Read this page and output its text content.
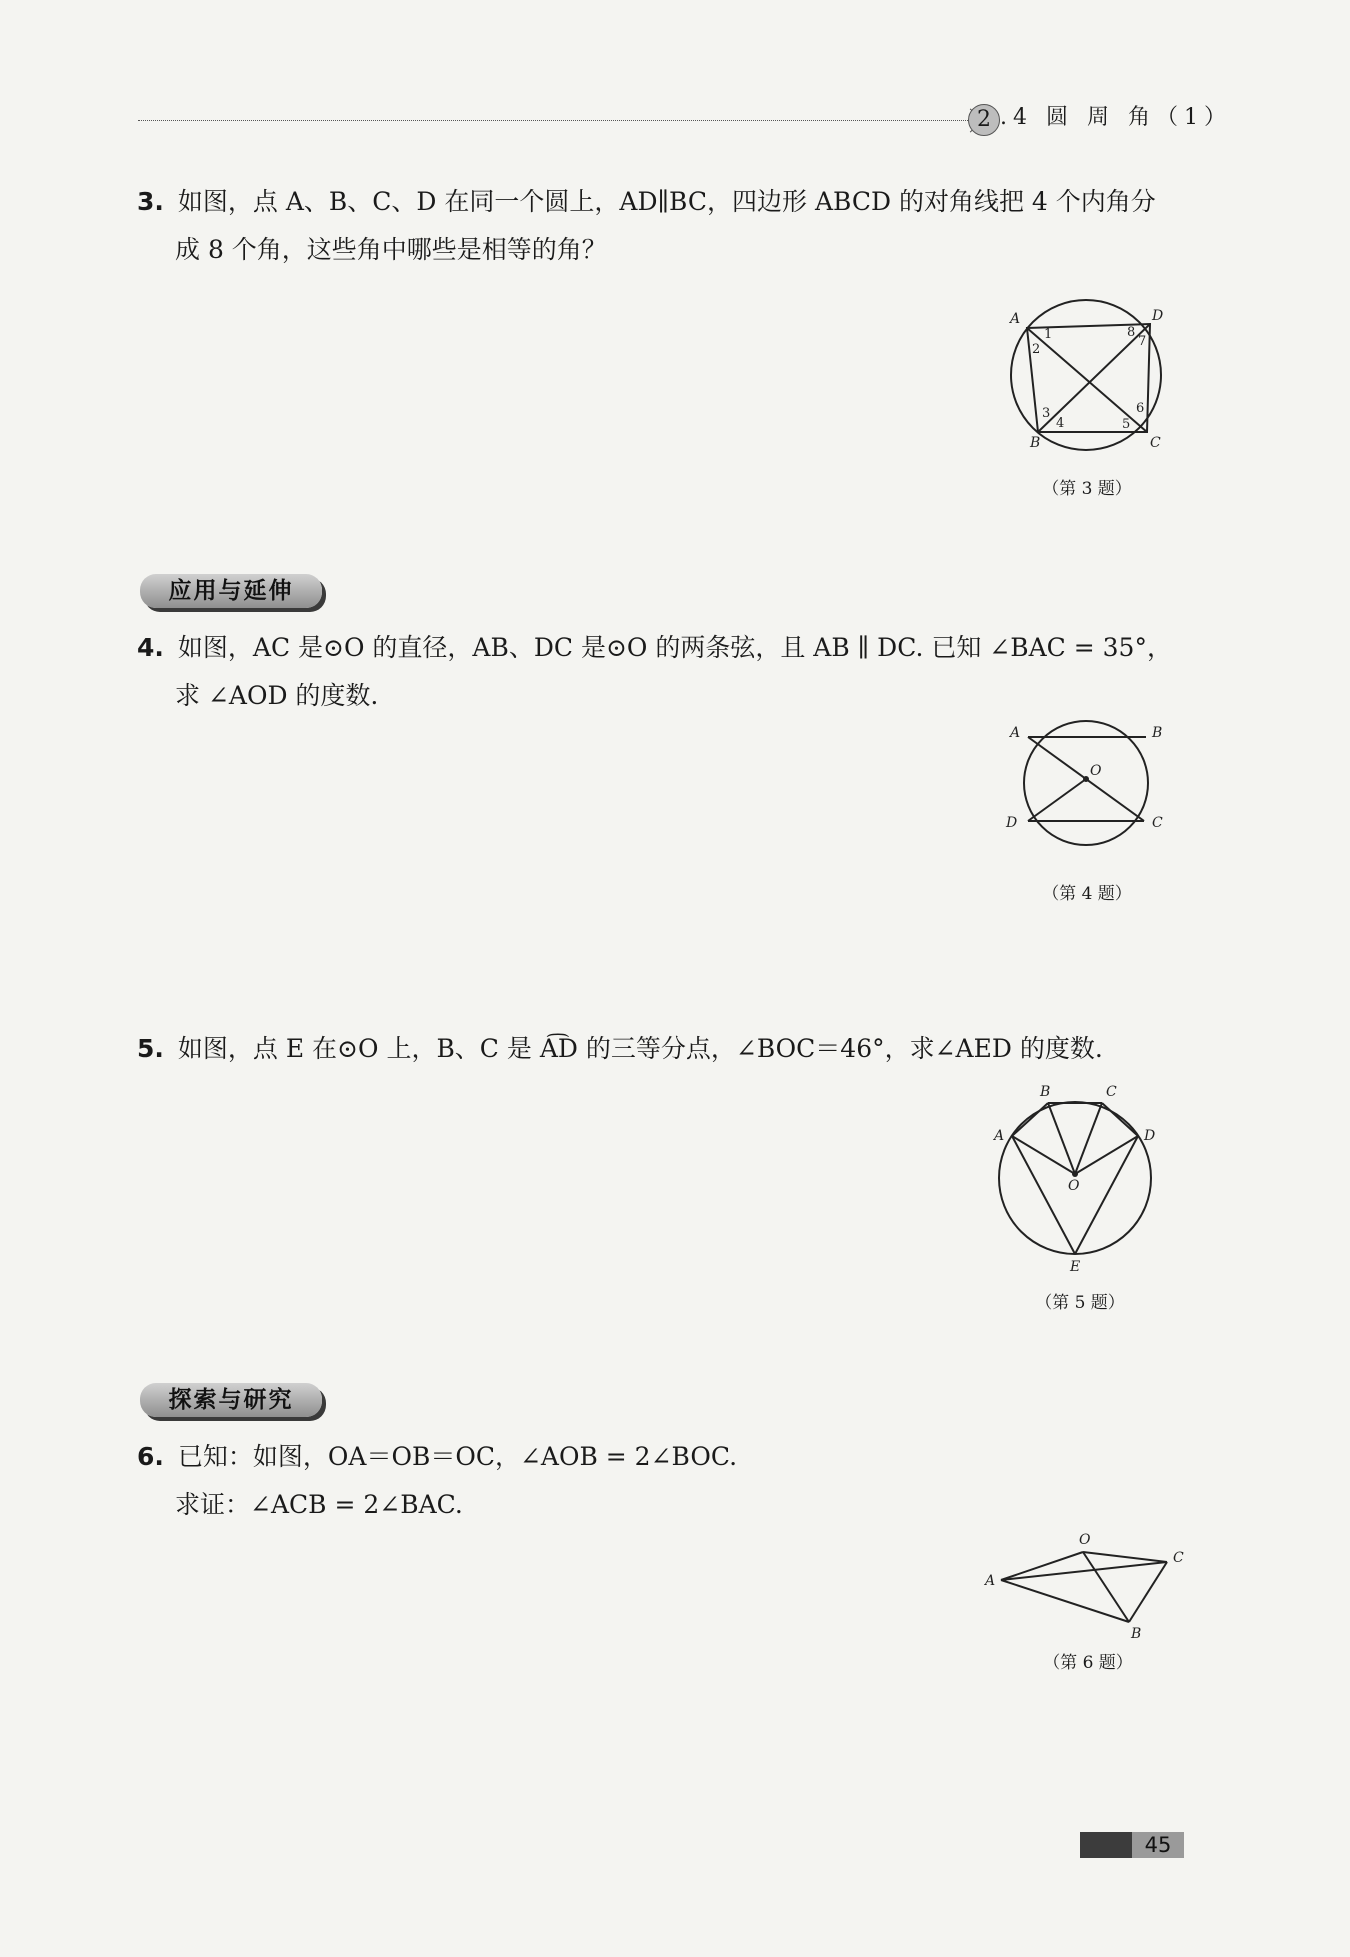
2 .4 圆 周 角（1）
3. 如图，点 A、B、C、D 在同一个圆上，AD∥BC，四边形 ABCD 的对角线把 4 个内角分
成 8 个角，这些角中哪些是相等的角？
A
B	C
D
1
2
3
4	5
6
7
8
（第 3 题）
应用与延伸
4. 如图，AC 是⊙O 的直径，AB、DC 是⊙O 的两条弦，且 AB ∥ DC. 已知 ∠BAC = 35°，
求 ∠AOD 的度数.
A	B
C
D
O
（第 4 题）
5. 如图，点 E 在⊙O 上，B、C 是 A͡D 的三等分点，∠BOC＝46°，求∠AED 的度数.
A
B	C
D
E
O
（第 5 题）
探索与研究
6. 已知：如图，OA＝OB＝OC，∠AOB = 2∠BOC.
求证：∠ACB = 2∠BAC.
O
A
B
C
（第 6 题）
45
